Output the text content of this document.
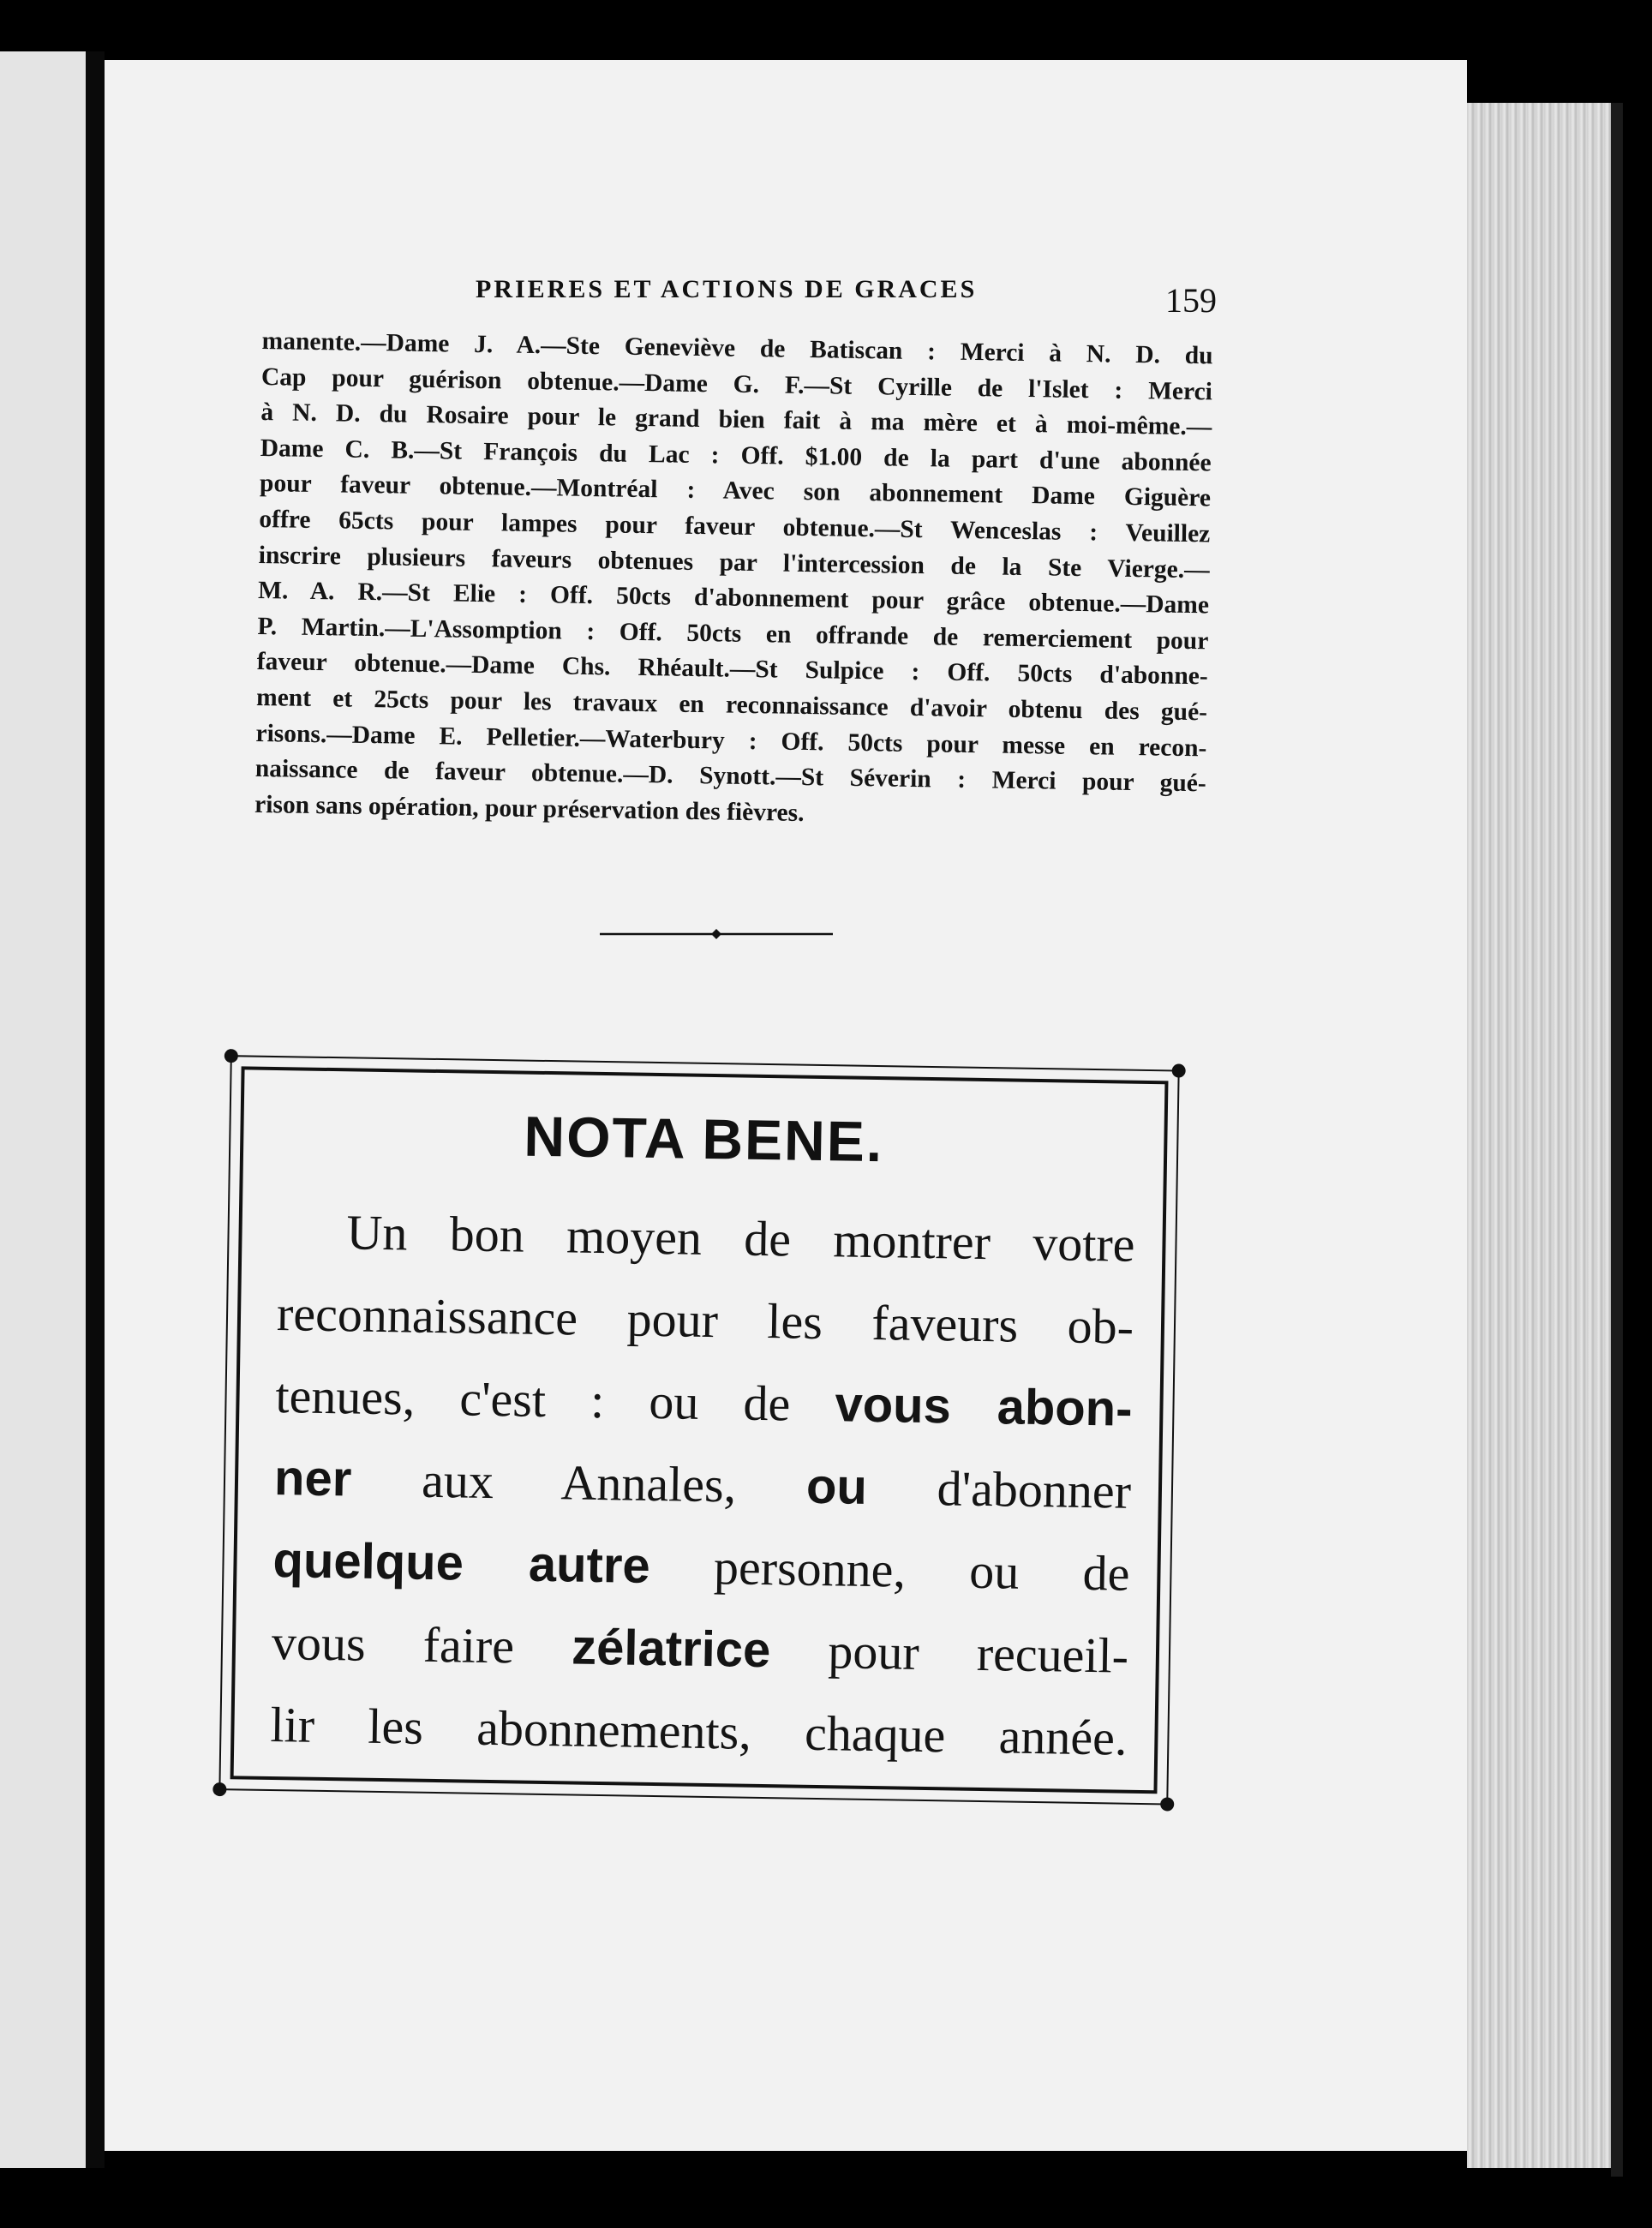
PRIERES ET ACTIONS DE GRACES	159
manente.—Dame J. A.—Ste Geneviève de Batiscan : Merci à N. D. du
Cap pour guérison obtenue.—Dame G. F.—St Cyrille de l'Islet : Merci
à N. D. du Rosaire pour le grand bien fait à ma mère et à moi-même.—
Dame C. B.—St François du Lac : Off. $1.00 de la part d'une abonnée
pour faveur obtenue.—Montréal : Avec son abonnement Dame Giguère
offre 65cts pour lampes pour faveur obtenue.—St Wenceslas : Veuillez
inscrire plusieurs faveurs obtenues par l'intercession de la Ste Vierge.—
M. A. R.—St Elie : Off. 50cts d'abonnement pour grâce obtenue.—Dame
P. Martin.—L'Assomption : Off. 50cts en offrande de remerciement pour
faveur obtenue.—Dame Chs. Rhéault.—St Sulpice : Off. 50cts d'abonne-
ment et 25cts pour les travaux en reconnaissance d'avoir obtenu des gué-
risons.—Dame E. Pelletier.—Waterbury : Off. 50cts pour messe en recon-
naissance de faveur obtenue.—D. Synott.—St Séverin : Merci pour gué-
rison sans opération, pour préservation des fièvres.
NOTA BENE.
Un bon moyen de montrer votre
reconnaissance pour les faveurs ob-
tenues, c'est : ou de vous abon-
ner aux Annales, ou d'abonner
quelque autre personne, ou de
vous faire zélatrice pour recueil-
lir les abonnements, chaque année.
